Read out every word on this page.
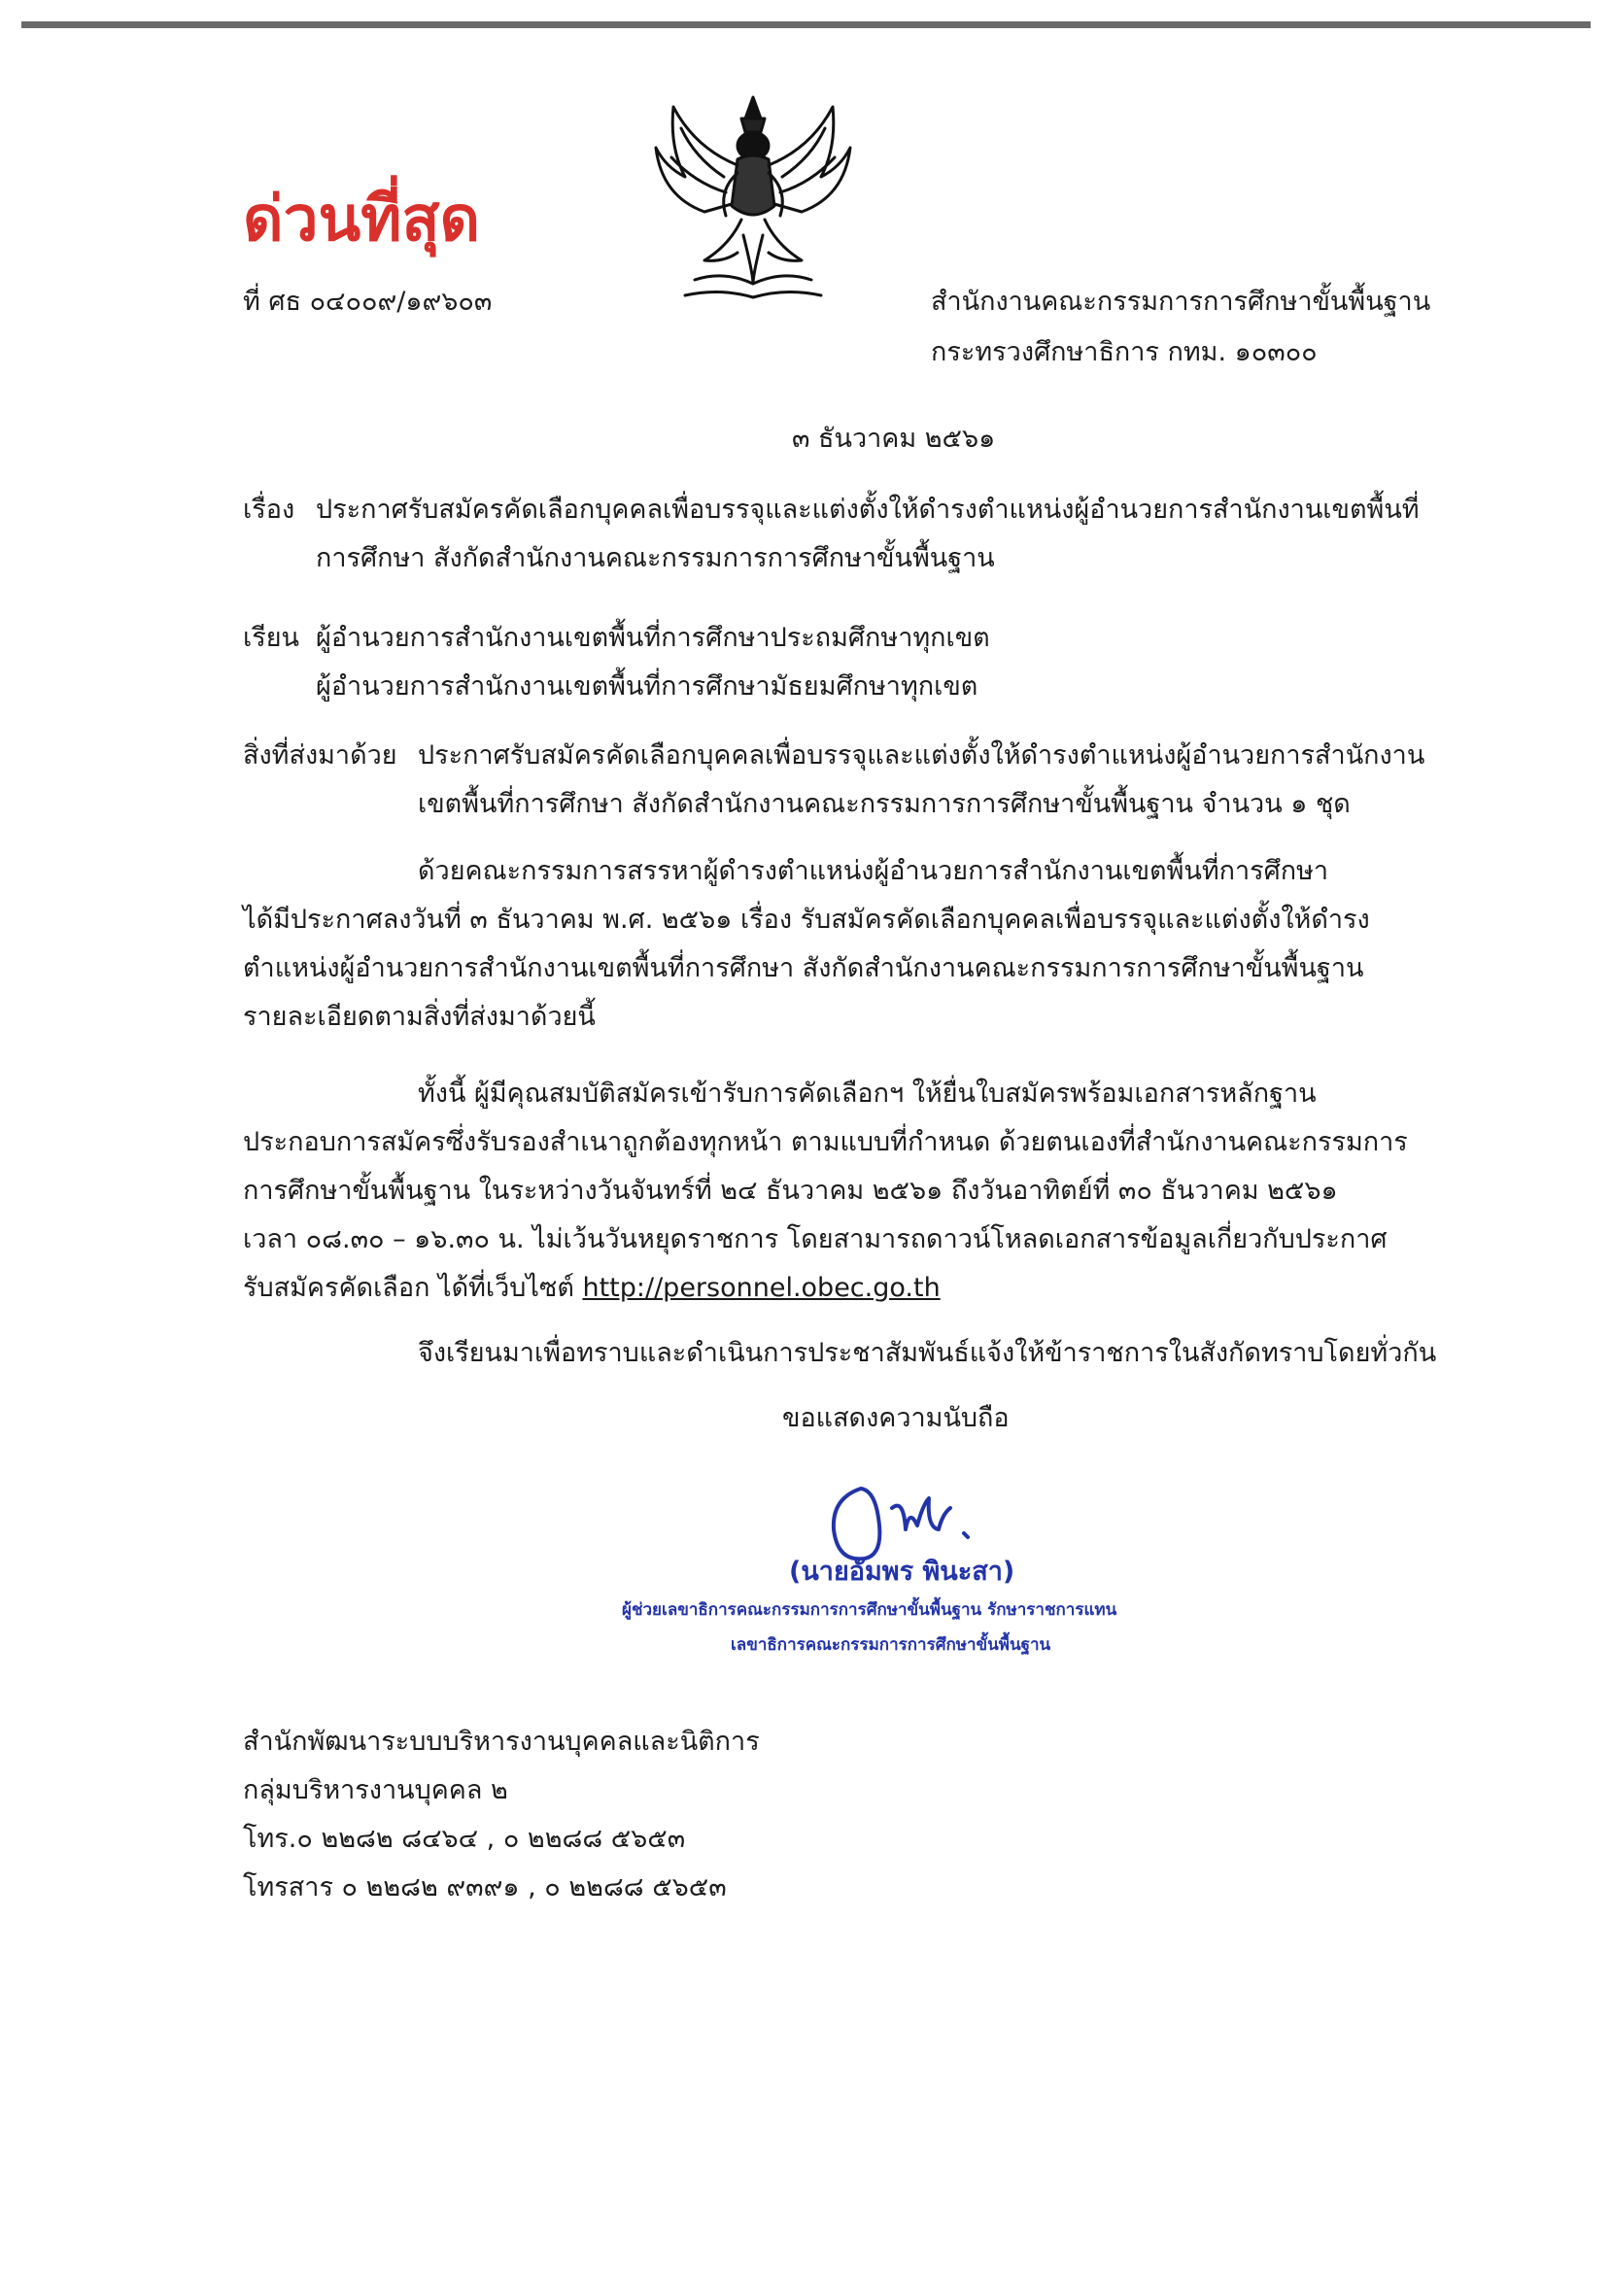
ด่วนที่สุด
ที่ ศธ ๐๔๐๐๙/๑๙๖๐๓	สำนักงานคณะกรรมการการศึกษาขั้นพื้นฐาน
กระทรวงศึกษาธิการ กทม. ๑๐๓๐๐
๓ ธันวาคม ๒๕๖๑
เรื่อง ประกาศรับสมัครคัดเลือกบุคคลเพื่อบรรจุและแต่งตั้งให้ดำรงตำแหน่งผู้อำนวยการสำนักงานเขตพื้นที่
การศึกษา สังกัดสำนักงานคณะกรรมการการศึกษาขั้นพื้นฐาน
เรียน ผู้อำนวยการสำนักงานเขตพื้นที่การศึกษาประถมศึกษาทุกเขต
ผู้อำนวยการสำนักงานเขตพื้นที่การศึกษามัธยมศึกษาทุกเขต
สิ่งที่ส่งมาด้วย ประกาศรับสมัครคัดเลือกบุคคลเพื่อบรรจุและแต่งตั้งให้ดำรงตำแหน่งผู้อำนวยการสำนักงาน
เขตพื้นที่การศึกษา สังกัดสำนักงานคณะกรรมการการศึกษาขั้นพื้นฐาน จำนวน ๑ ชุด
ด้วยคณะกรรมการสรรหาผู้ดำรงตำแหน่งผู้อำนวยการสำนักงานเขตพื้นที่การศึกษา
ได้มีประกาศลงวันที่ ๓ ธันวาคม พ.ศ. ๒๕๖๑ เรื่อง รับสมัครคัดเลือกบุคคลเพื่อบรรจุและแต่งตั้งให้ดำรง
ตำแหน่งผู้อำนวยการสำนักงานเขตพื้นที่การศึกษา สังกัดสำนักงานคณะกรรมการการศึกษาขั้นพื้นฐาน
รายละเอียดตามสิ่งที่ส่งมาด้วยนี้
ทั้งนี้ ผู้มีคุณสมบัติสมัครเข้ารับการคัดเลือกฯ ให้ยื่นใบสมัครพร้อมเอกสารหลักฐาน
ประกอบการสมัครซึ่งรับรองสำเนาถูกต้องทุกหน้า ตามแบบที่กำหนด ด้วยตนเองที่สำนักงานคณะกรรมการ
การศึกษาขั้นพื้นฐาน ในระหว่างวันจันทร์ที่ ๒๔ ธันวาคม ๒๕๖๑ ถึงวันอาทิตย์ที่ ๓๐ ธันวาคม ๒๕๖๑
เวลา ๐๘.๓๐ – ๑๖.๓๐ น. ไม่เว้นวันหยุดราชการ โดยสามารถดาวน์โหลดเอกสารข้อมูลเกี่ยวกับประกาศ
รับสมัครคัดเลือก ได้ที่เว็บไซต์ http://personnel.obec.go.th
จึงเรียนมาเพื่อทราบและดำเนินการประชาสัมพันธ์แจ้งให้ข้าราชการในสังกัดทราบโดยทั่วกัน
ขอแสดงความนับถือ
(นายอัมพร พินะสา)
ผู้ช่วยเลขาธิการคณะกรรมการการศึกษาขั้นพื้นฐาน รักษาราชการแทน
เลขาธิการคณะกรรมการการศึกษาขั้นพื้นฐาน
สำนักพัฒนาระบบบริหารงานบุคคลและนิติการ
กลุ่มบริหารงานบุคคล ๒
โทร.๐ ๒๒๘๒ ๘๔๖๔ , ๐ ๒๒๘๘ ๕๖๕๓
โทรสาร ๐ ๒๒๘๒ ๙๓๙๑ , ๐ ๒๒๘๘ ๕๖๕๓
